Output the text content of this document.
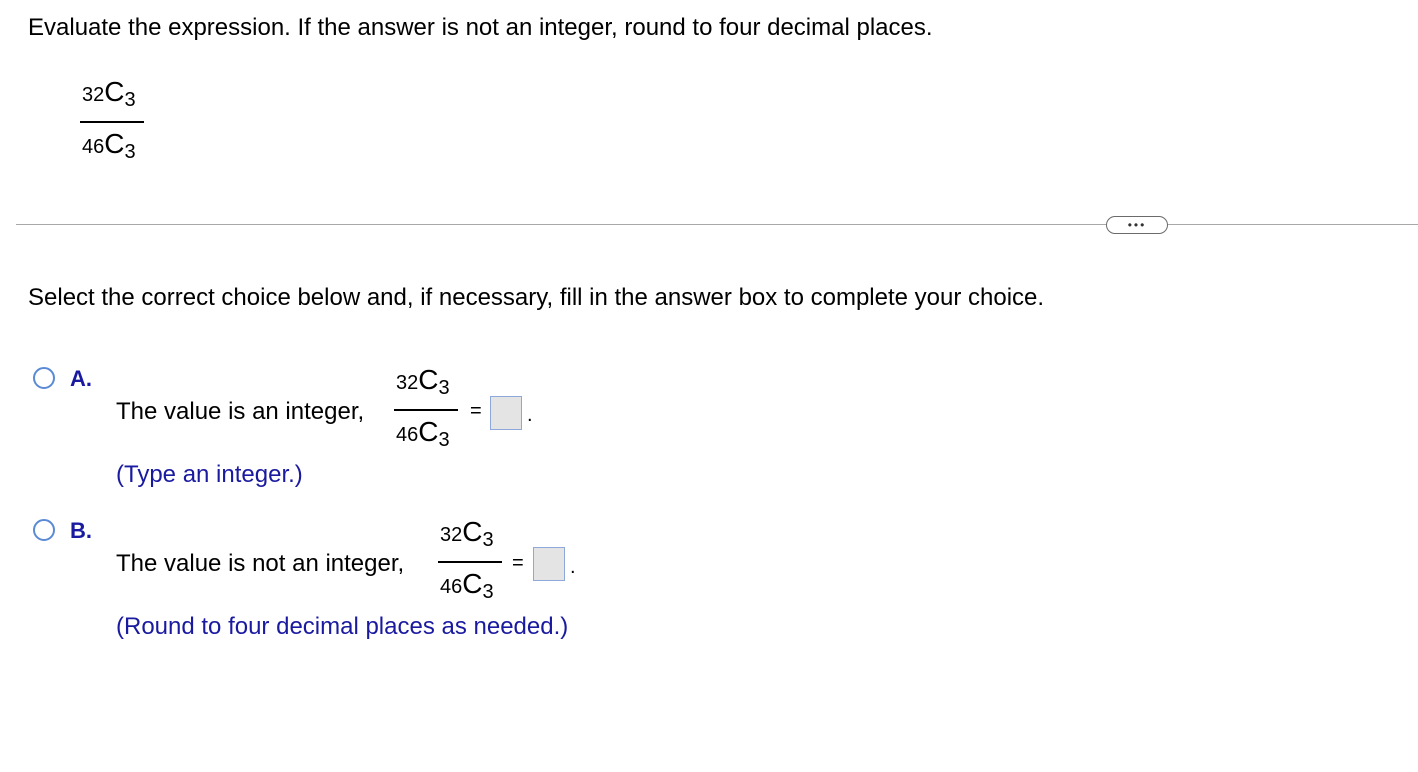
Evaluate the expression. If the answer is not an integer, round to four decimal places.
32C3
46C3
•••
Select the correct choice below and, if necessary, fill in the answer box to complete your choice.
A.
The value is an integer,
32C3
46C3
= .
(Type an integer.)
B.
The value is not an integer,
32C3
46C3
= .
(Round to four decimal places as needed.)
